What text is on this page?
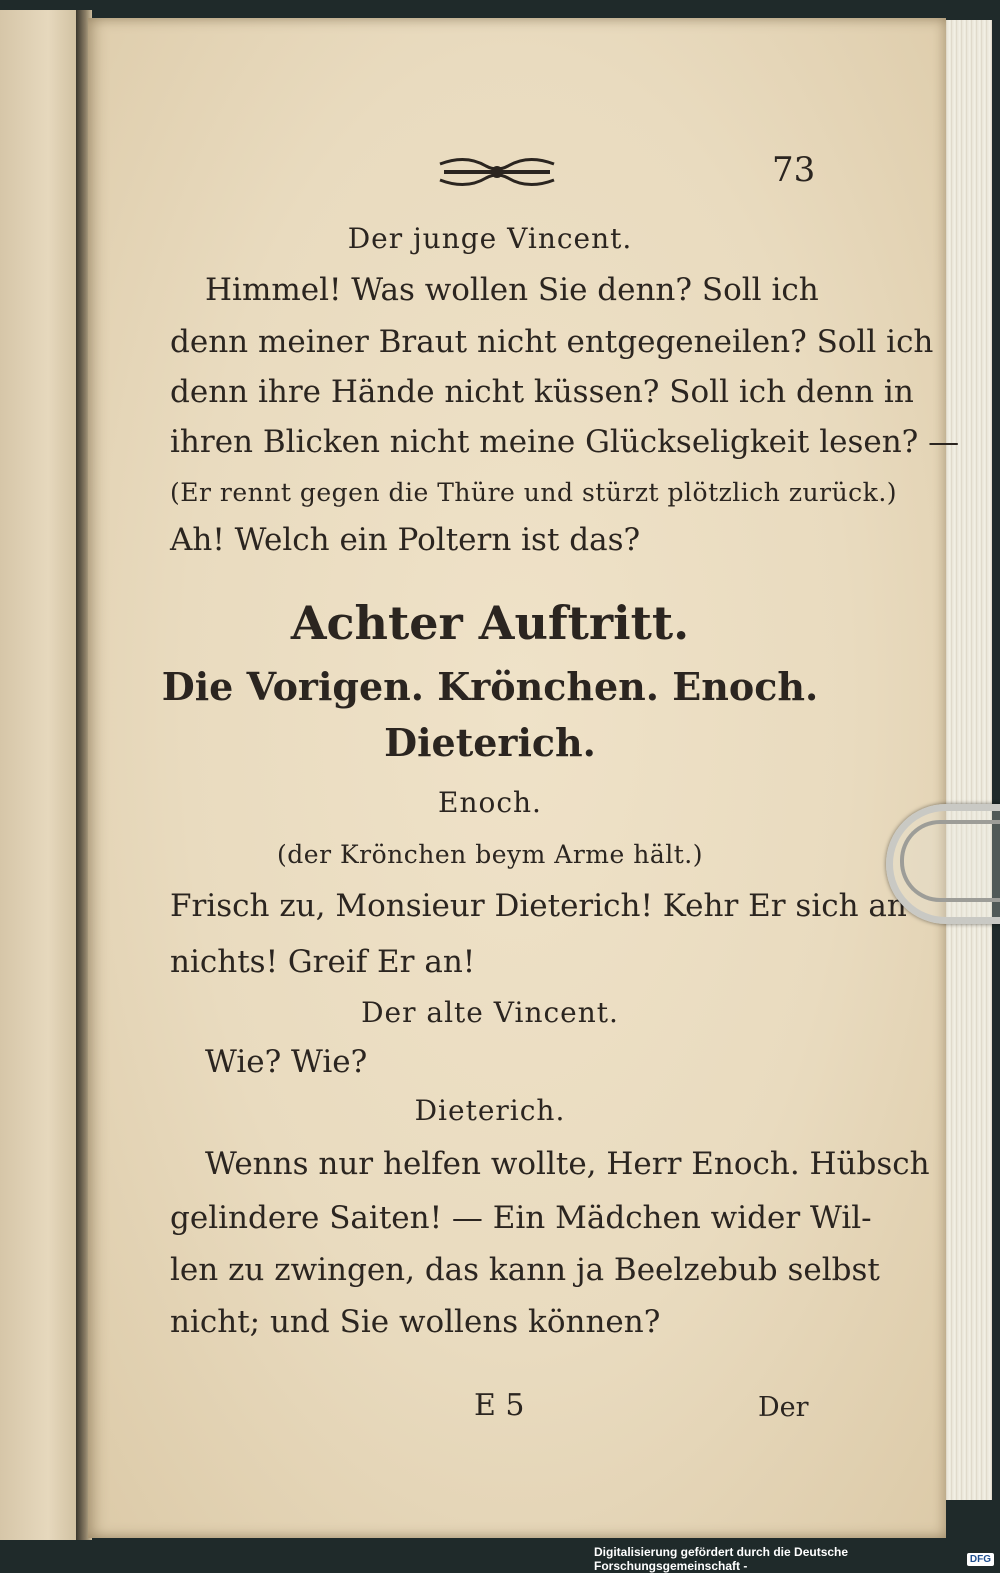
73
Der junge Vincent.
Himmel! Was wollen Sie denn? Soll ich
denn meiner Braut nicht entgegeneilen? Soll ich
denn ihre Hände nicht küssen? Soll ich denn in
ihren Blicken nicht meine Glückseligkeit lesen? —
(Er rennt gegen die Thüre und stürzt plötzlich zurück.)
Ah! Welch ein Poltern ist das?
Achter Auftritt.
Die Vorigen. Krönchen. Enoch.
Dieterich.
Enoch.
(der Krönchen beym Arme hält.)
Frisch zu, Monsieur Dieterich! Kehr Er sich an
nichts! Greif Er an!
Der alte Vincent.
Wie? Wie?
Dieterich.
Wenns nur helfen wollte, Herr Enoch. Hübsch
gelindere Saiten! — Ein Mädchen wider Wil-
len zu zwingen, das kann ja Beelzebub selbst
nicht; und Sie wollens können?
E 5	Der
Digitalisierung gefördert durch die Deutsche Forschungsgemeinschaft -	DFG
